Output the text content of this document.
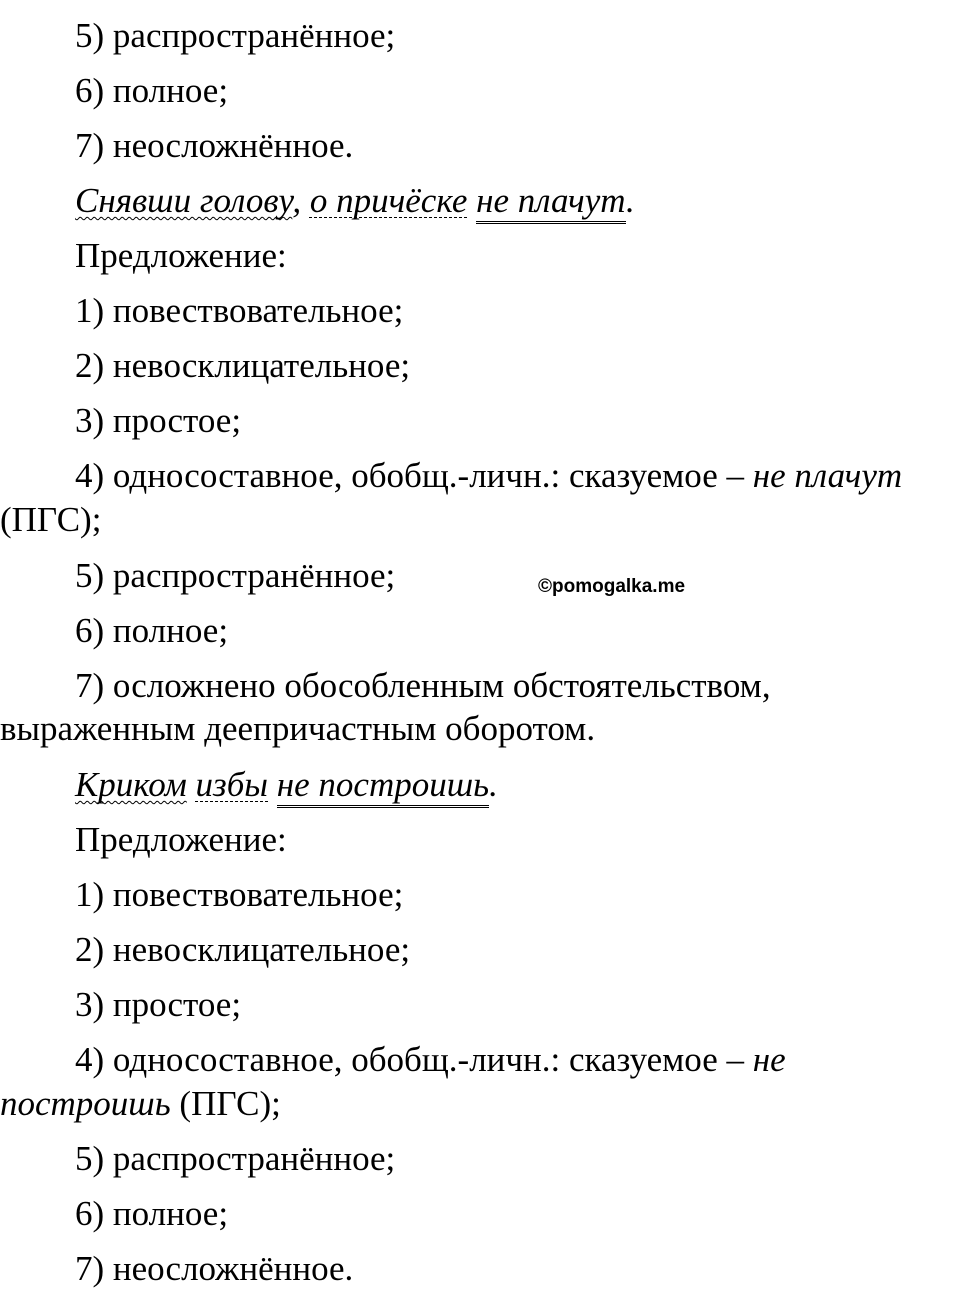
5) распространённое;
6) полное;
7) неосложнённое.
Снявши голову, о причёске не плачут.
Предложение:
1) повествовательное;
2) невосклицательное;
3) простое;
4) односоставное, обобщ.-личн.: сказуемое – не плачут
(ПГС);
5) распространённое;
6) полное;
7) осложнено обособленным обстоятельством,
выраженным деепричастным оборотом.
©pomogalka.me
Криком избы не построишь.
Предложение:
1) повествовательное;
2) невосклицательное;
3) простое;
4) односоставное, обобщ.-личн.: сказуемое – не
построишь (ПГС);
5) распространённое;
6) полное;
7) неосложнённое.
